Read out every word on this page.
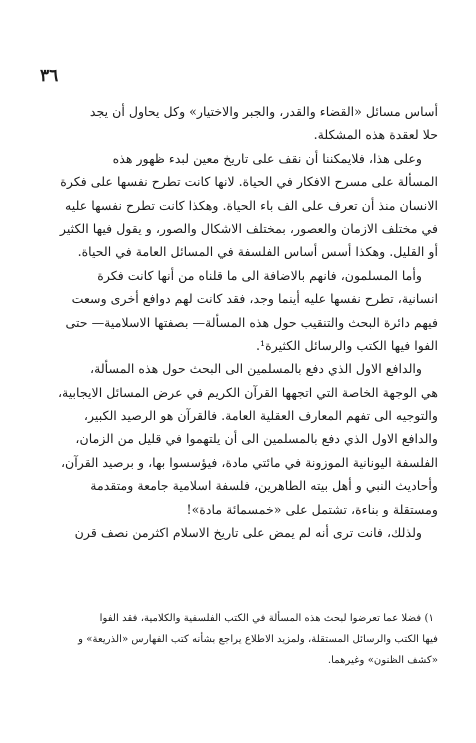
٣٦
أساس مسائل «القضاء والقدر، والجبر والاختيار» وكل يحاول أن يجد
حلا لعقدة هذه المشكلة.
وعلى هذا، فلايمكننا أن نقف على تاريخ معين لبدء ظهور هذه
المسألة على مسرح الافكار في الحياة. لانها كانت تطرح نفسها على فكرة
الانسان منذ أن تعرف على الف باء الحياة. وهكذا كانت تطرح نفسها عليه
في مختلف الازمان والعصور، بمختلف الاشكال والصور، و يقول فيها الكثير
أو القليل. وهكذا أسس أساس الفلسفة في المسائل العامة في الحياة.
وأما المسلمون، فانهم بالاضافة الى ما قلناه من أنها كانت فكرة
انسانية، تطرح نفسها عليه أينما وجد، فقد كانت لهم دوافع أخرى وسعت
فيهم دائرة البحث والتنقيب حول هذه المسألة— بصفتها الاسلامية— حتى
الفوا فيها الكتب والرسائل الكثيرة¹.
والدافع الاول الذي دفع بالمسلمين الى البحث حول هذه المسألة،
هي الوجهة الخاصة التي اتجهها القرآن الكريم في عرض المسائل الايجابية،
والتوجيه الى تفهم المعارف العقلية العامة. فالقرآن هو الرصيد الكبير،
والدافع الاول الذي دفع بالمسلمين الى أن يلتهموا في قليل من الزمان،
الفلسفة اليونانية الموزونة في مائتي مادة، فيؤسسوا بها، و برصيد القرآن،
وأحاديث النبي و أهل بيته الطاهرين، فلسفة اسلامية جامعة ومتقدمة
ومستقلة و بناءة، تشتمل على «خمسمائة مادة»!
ولذلك، فانت ترى أنه لم يمض على تاريخ الاسلام اكثرمن نصف قرن
١) فضلا عما تعرضوا لبحث هذه المسألة في الكتب الفلسفية والكلامية، فقد الفوا
فيها الكتب والرسائل المستقلة، ولمزيد الاطلاع يراجع بشأنه كتب الفهارس «الذريعة» و
«كشف الظنون» وغيرهما.
